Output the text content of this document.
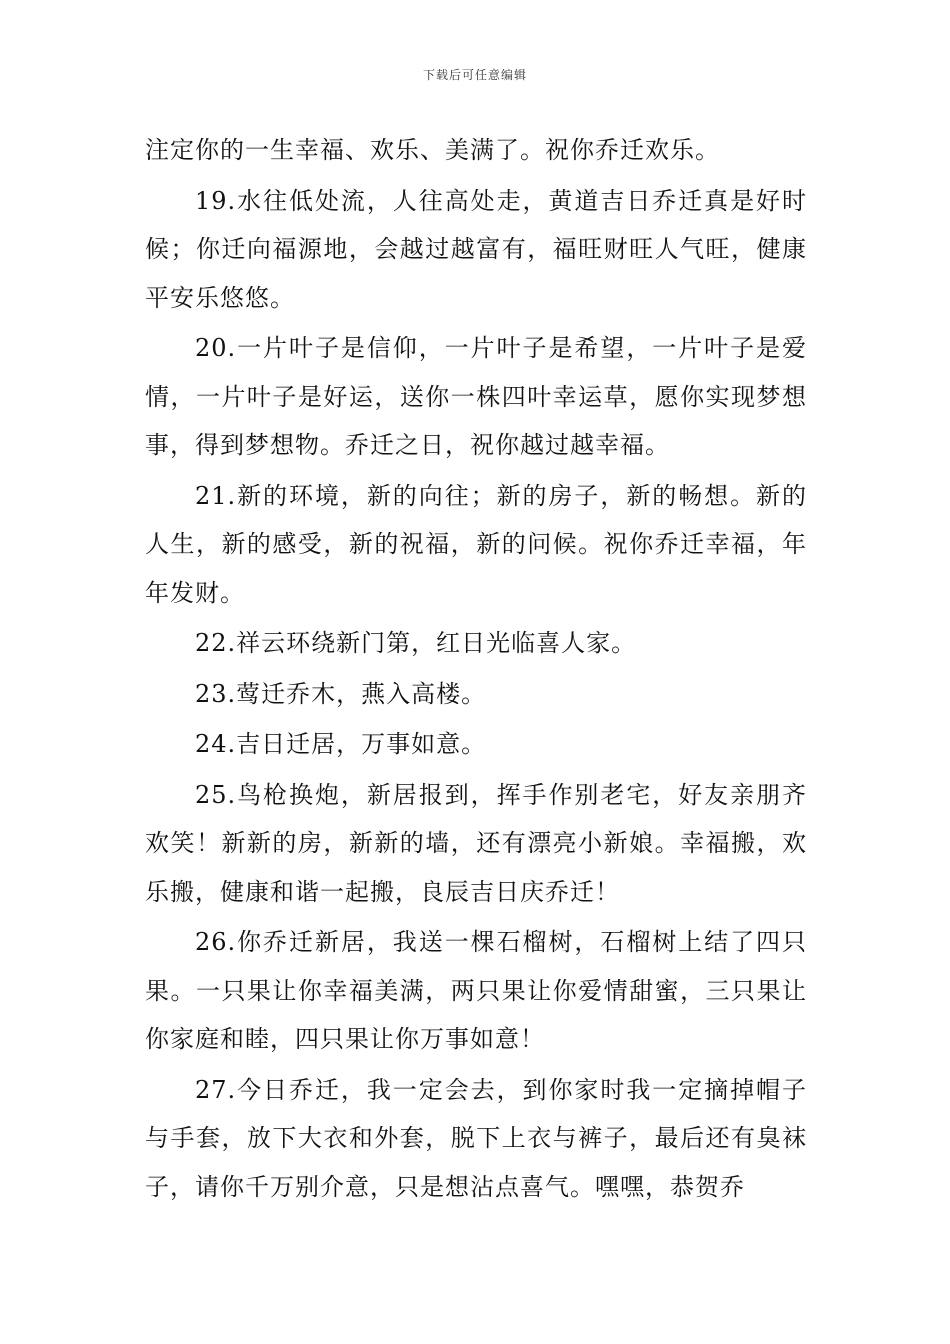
下载后可任意编辑

注定你的一生幸福、欢乐、美满了。祝你乔迁欢乐。

19.水往低处流，人往高处走，黄道吉日乔迁真是好时候；你迁向福源地，会越过越富有，福旺财旺人气旺，健康平安乐悠悠。

20.一片叶子是信仰，一片叶子是希望，一片叶子是爱情，一片叶子是好运，送你一株四叶幸运草，愿你实现梦想事，得到梦想物。乔迁之日，祝你越过越幸福。

21.新的环境，新的向往；新的房子，新的畅想。新的人生，新的感受，新的祝福，新的问候。祝你乔迁幸福，年年发财。

22.祥云环绕新门第，红日光临喜人家。

23.莺迁乔木，燕入高楼。

24.吉日迁居，万事如意。

25.鸟枪换炮，新居报到，挥手作别老宅，好友亲朋齐欢笑！新新的房，新新的墙，还有漂亮小新娘。幸福搬，欢乐搬，健康和谐一起搬，良辰吉日庆乔迁！

26.你乔迁新居，我送一棵石榴树，石榴树上结了四只果。一只果让你幸福美满，两只果让你爱情甜蜜，三只果让你家庭和睦，四只果让你万事如意！

27.今日乔迁，我一定会去，到你家时我一定摘掉帽子与手套，放下大衣和外套，脱下上衣与裤子，最后还有臭袜子，请你千万别介意，只是想沾点喜气。嘿嘿，恭贺乔
